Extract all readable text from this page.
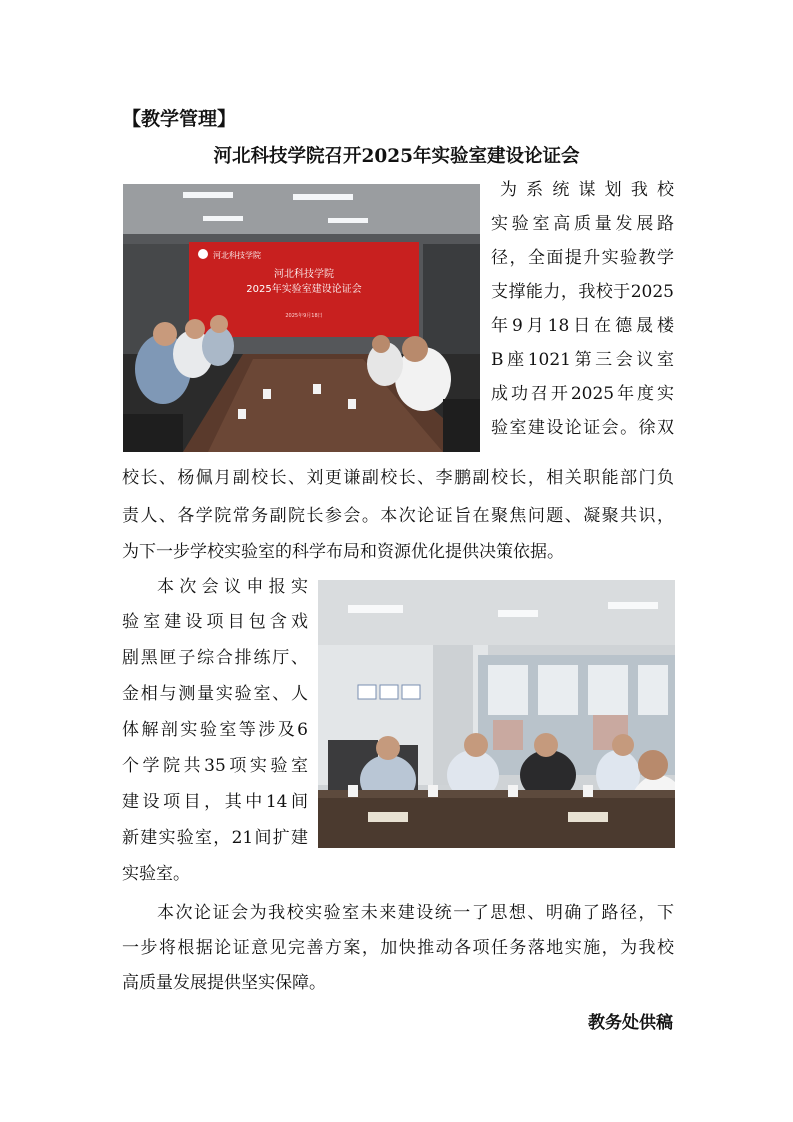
【教学管理】
河北科技学院召开2025年实验室建设论证会
河北科技学院
河北科技学院
2025年实验室建设论证会
2025年9月18日
为系统谋划我校
实验室高质量发展路
径，全面提升实验教学
支撑能力，我校于2025
年9月18日在德晟楼
B座1021第三会议室
成功召开2025年度实
验室建设论证会。徐双
校长、杨佩月副校长、刘更谦副校长、李鹏副校长，相关职能部门负
责人、各学院常务副院长参会。本次论证旨在聚焦问题、凝聚共识，
为下一步学校实验室的科学布局和资源优化提供决策依据。
本次会议申报实
验室建设项目包含戏
剧黑匣子综合排练厅、
金相与测量实验室、人
体解剖实验室等涉及6
个学院共35项实验室
建设项目，其中14间
新建实验室，21间扩建
实验室。
本次论证会为我校实验室未来建设统一了思想、明确了路径，下
一步将根据论证意见完善方案，加快推动各项任务落地实施，为我校
高质量发展提供坚实保障。
教务处供稿
